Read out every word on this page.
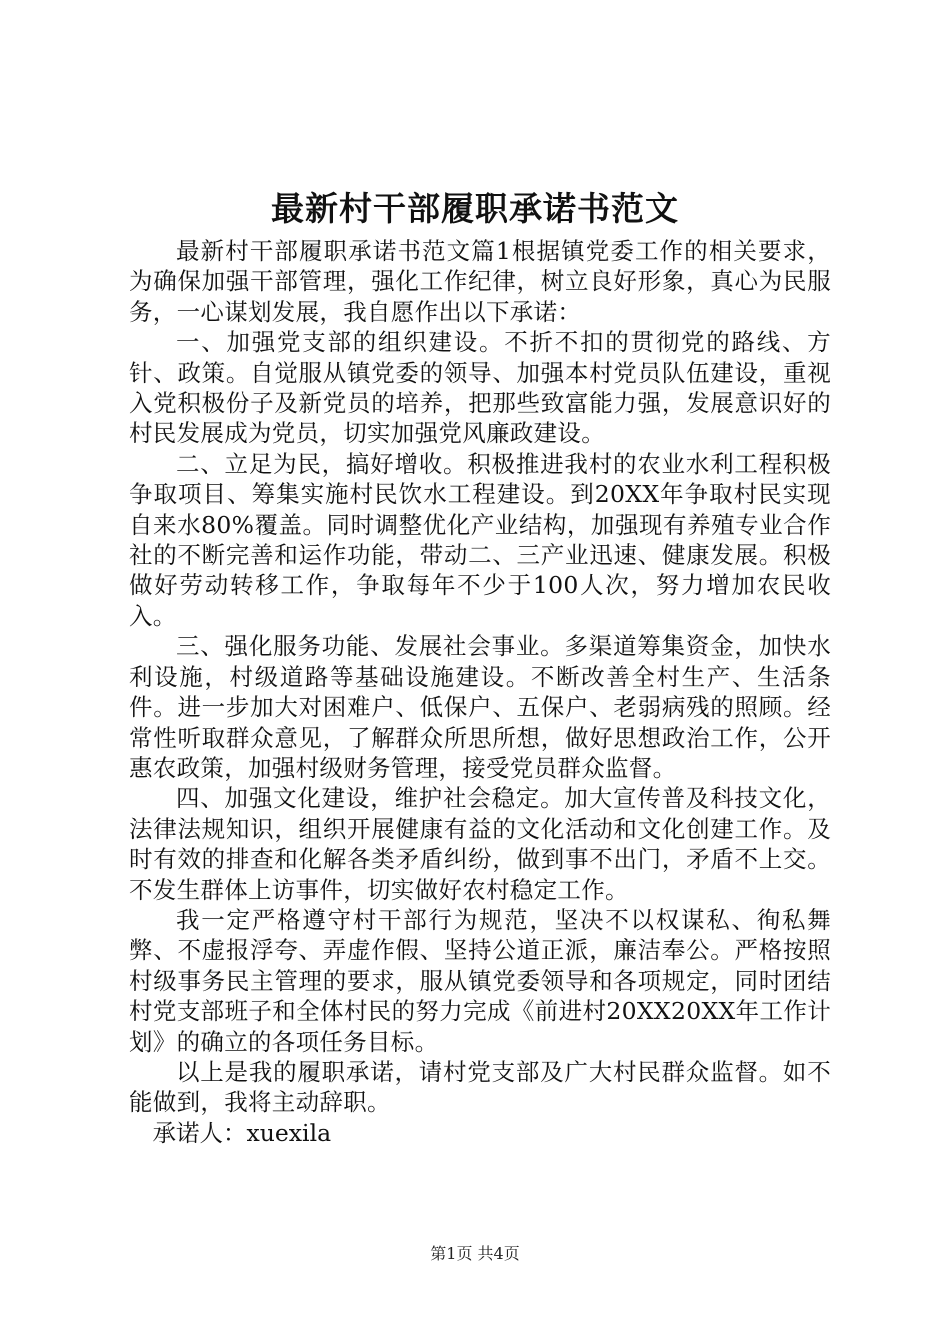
最新村干部履职承诺书范文

最新村干部履职承诺书范文篇1根据镇党委工作的相关要求，为确保加强干部管理，强化工作纪律，树立良好形象，真心为民服务，一心谋划发展，我自愿作出以下承诺：

一、加强党支部的组织建设。不折不扣的贯彻党的路线、方针、政策。自觉服从镇党委的领导、加强本村党员队伍建设，重视入党积极份子及新党员的培养，把那些致富能力强，发展意识好的村民发展成为党员，切实加强党风廉政建设。

二、立足为民，搞好增收。积极推进我村的农业水利工程积极争取项目、筹集实施村民饮水工程建设。到20XX年争取村民实现自来水80%覆盖。同时调整优化产业结构，加强现有养殖专业合作社的不断完善和运作功能，带动二、三产业迅速、健康发展。积极做好劳动转移工作，争取每年不少于100人次，努力增加农民收入。

三、强化服务功能、发展社会事业。多渠道筹集资金，加快水利设施，村级道路等基础设施建设。不断改善全村生产、生活条件。进一步加大对困难户、低保户、五保户、老弱病残的照顾。经常性听取群众意见，了解群众所思所想，做好思想政治工作，公开惠农政策，加强村级财务管理，接受党员群众监督。

四、加强文化建设，维护社会稳定。加大宣传普及科技文化，法律法规知识，组织开展健康有益的文化活动和文化创建工作。及时有效的排查和化解各类矛盾纠纷，做到事不出门，矛盾不上交。不发生群体上访事件，切实做好农村稳定工作。

我一定严格遵守村干部行为规范，坚决不以权谋私、徇私舞弊、不虚报浮夸、弄虚作假、坚持公道正派，廉洁奉公。严格按照村级事务民主管理的要求，服从镇党委领导和各项规定，同时团结村党支部班子和全体村民的努力完成《前进村20XX20XX年工作计划》的确立的各项任务目标。

以上是我的履职承诺，请村党支部及广大村民群众监督。如不能做到，我将主动辞职。

承诺人：xuexila

第1页 共4页
